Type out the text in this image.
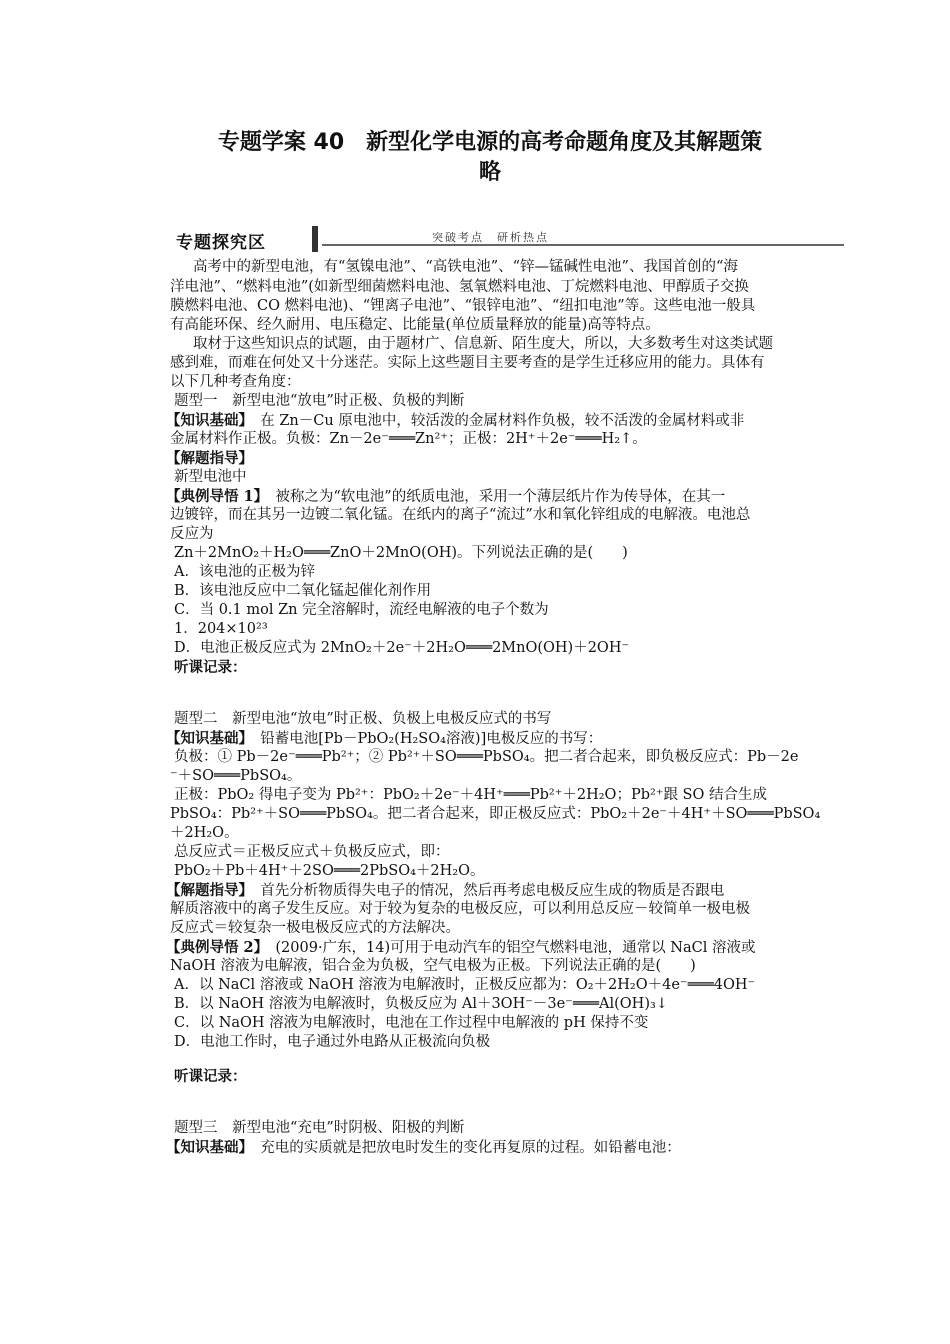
专题学案 40　新型化学电源的高考命题角度及其解题策
略
专题探究区	突破考点　研析热点
高考中的新型电池，有“氢镍电池”、“高铁电池”、“锌—锰碱性电池”、我国首创的“海
洋电池”、“燃料电池”(如新型细菌燃料电池、氢氧燃料电池、丁烷燃料电池、甲醇质子交换
膜燃料电池、CO 燃料电池)、“锂离子电池”、“银锌电池”、“纽扣电池”等。这些电池一般具
有高能环保、经久耐用、电压稳定、比能量(单位质量释放的能量)高等特点。
取材于这些知识点的试题，由于题材广、信息新、陌生度大，所以，大多数考生对这类试题
感到难，而难在何处又十分迷茫。实际上这些题目主要考查的是学生迁移应用的能力。具体有
以下几种考查角度：
题型一　新型电池“放电”时正极、负极的判断
【知识基础】　在 Zn－Cu 原电池中，较活泼的金属材料作负极，较不活泼的金属材料或非
金属材料作正极。负极：Zn－2e⁻═══Zn²⁺；正极：2H⁺＋2e⁻═══H₂↑。
【解题指导】
新型电池中
【典例导悟 1】　被称之为“软电池”的纸质电池，采用一个薄层纸片作为传导体，在其一
边镀锌，而在其另一边镀二氧化锰。在纸内的离子“流过”水和氧化锌组成的电解液。电池总
反应为
Zn＋2MnO₂＋H₂O═══ZnO＋2MnO(OH)。下列说法正确的是(　　)
A．该电池的正极为锌
B．该电池反应中二氧化锰起催化剂作用
C．当 0.1 mol Zn 完全溶解时，流经电解液的电子个数为
1．204×10²³
D．电池正极反应式为 2MnO₂＋2e⁻＋2H₂O═══2MnO(OH)＋2OH⁻
听课记录：
题型二　新型电池“放电”时正极、负极上电极反应式的书写
【知识基础】　铅蓄电池[Pb－PbO₂(H₂SO₄溶液)]电极反应的书写：
负极：① Pb－2e⁻═══Pb²⁺；② Pb²⁺＋SO═══PbSO₄。把二者合起来，即负极反应式：Pb－2e
⁻＋SO═══PbSO₄。
正极：PbO₂ 得电子变为 Pb²⁺：PbO₂＋2e⁻＋4H⁺═══Pb²⁺＋2H₂O；Pb²⁺跟 SO 结合生成
PbSO₄：Pb²⁺＋SO═══PbSO₄。把二者合起来，即正极反应式：PbO₂＋2e⁻＋4H⁺＋SO═══PbSO₄
＋2H₂O。
总反应式＝正极反应式＋负极反应式，即：
PbO₂＋Pb＋4H⁺＋2SO═══2PbSO₄＋2H₂O。
【解题指导】　首先分析物质得失电子的情况，然后再考虑电极反应生成的物质是否跟电
解质溶液中的离子发生反应。对于较为复杂的电极反应，可以利用总反应－较简单一极电极
反应式＝较复杂一极电极反应式的方法解决。
【典例导悟 2】　(2009·广东，14)可用于电动汽车的铝空气燃料电池，通常以 NaCl 溶液或
NaOH 溶液为电解液，铝合金为负极，空气电极为正极。下列说法正确的是(　　)
A．以 NaCl 溶液或 NaOH 溶液为电解液时，正极反应都为：O₂＋2H₂O＋4e⁻═══4OH⁻
B．以 NaOH 溶液为电解液时，负极反应为 Al＋3OH⁻－3e⁻═══Al(OH)₃↓
C．以 NaOH 溶液为电解液时，电池在工作过程中电解液的 pH 保持不变
D．电池工作时，电子通过外电路从正极流向负极
听课记录：
题型三　新型电池“充电”时阴极、阳极的判断
【知识基础】　充电的实质就是把放电时发生的变化再复原的过程。如铅蓄电池：
